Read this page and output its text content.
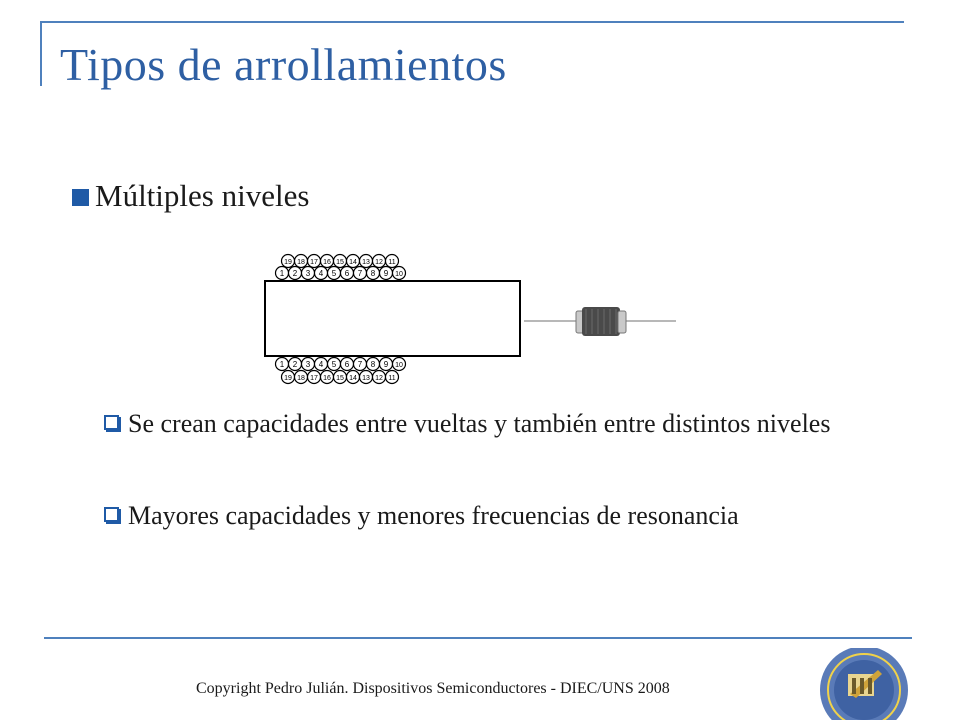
Tipos de arrollamientos
Múltiples niveles
19 18 17 16 15 14 13 12 11
1 2 3 4 5 6 7 8 9 10
1 2 3 4 5 6 7 8 9 10
19 18 17 16 15 14 13 12 11
Se crean capacidades entre vueltas y también entre distintos niveles
Mayores capacidades y menores frecuencias de resonancia
Copyright Pedro Julián. Dispositivos Semiconductores - DIEC/UNS 2008
